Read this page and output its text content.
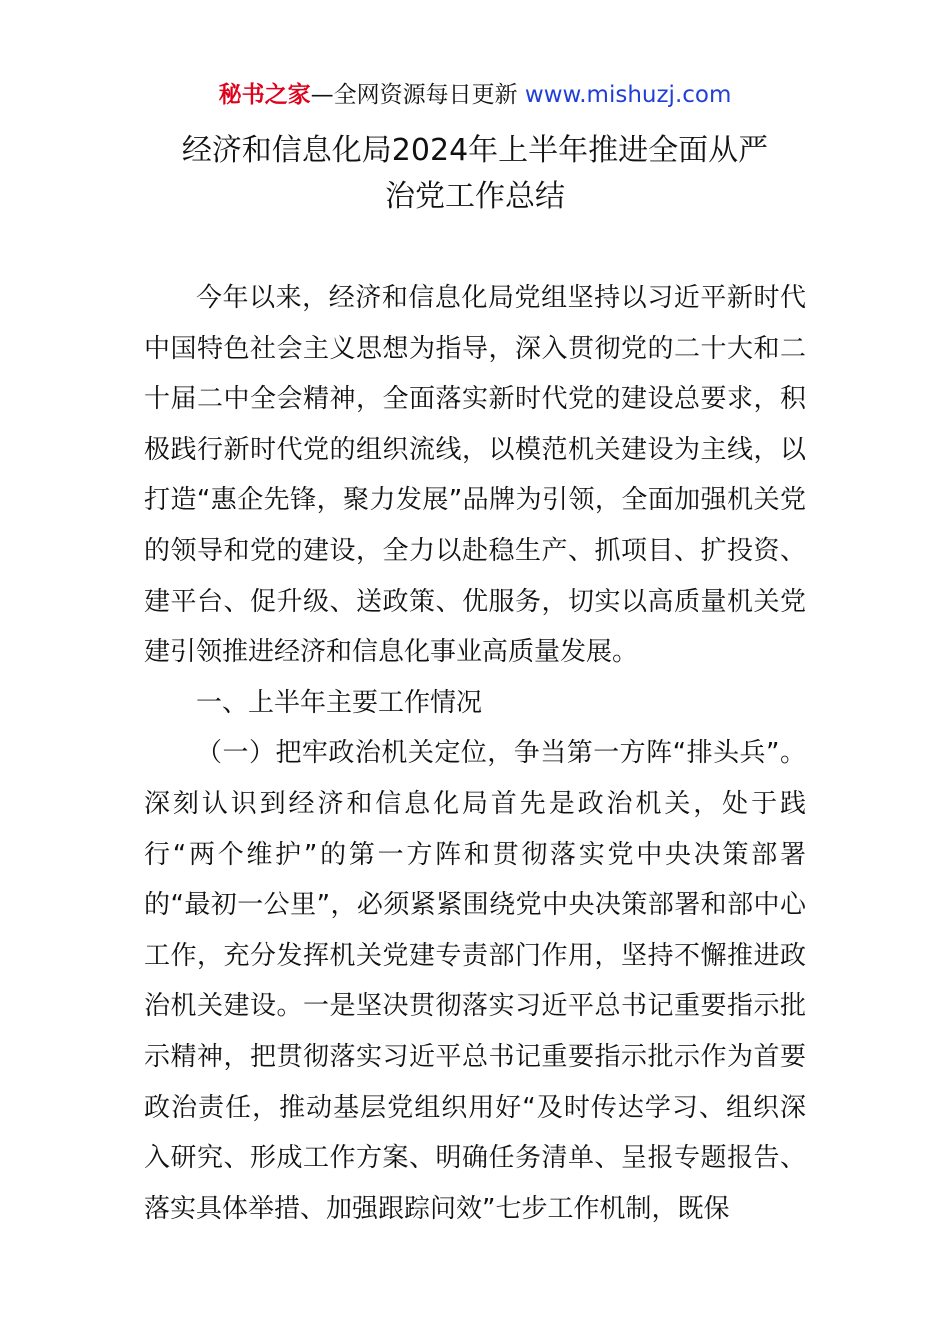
秘书之家—全网资源每日更新 www.mishuzj.com
经济和信息化局2024年上半年推进全面从严
治党工作总结

今年以来，经济和信息化局党组坚持以习近平新时代中国特色社会主义思想为指导，深入贯彻党的二十大和二十届二中全会精神，全面落实新时代党的建设总要求，积极践行新时代党的组织流线，以模范机关建设为主线，以打造“惠企先锋，聚力发展”品牌为引领，全面加强机关党的领导和党的建设，全力以赴稳生产、抓项目、扩投资、建平台、促升级、送政策、优服务，切实以高质量机关党建引领推进经济和信息化事业高质量发展。

一、上半年主要工作情况

（一）把牢政治机关定位，争当第一方阵“排头兵”。深刻认识到经济和信息化局首先是政治机关，处于践行“两个维护”的第一方阵和贯彻落实党中央决策部署的“最初一公里”，必须紧紧围绕党中央决策部署和部中心工作，充分发挥机关党建专责部门作用，坚持不懈推进政治机关建设。一是坚决贯彻落实习近平总书记重要指示批示精神，把贯彻落实习近平总书记重要指示批示作为首要政治责任，推动基层党组织用好“及时传达学习、组织深入研究、形成工作方案、明确任务清单、呈报专题报告、落实具体举措、加强跟踪问效”七步工作机制，既保
